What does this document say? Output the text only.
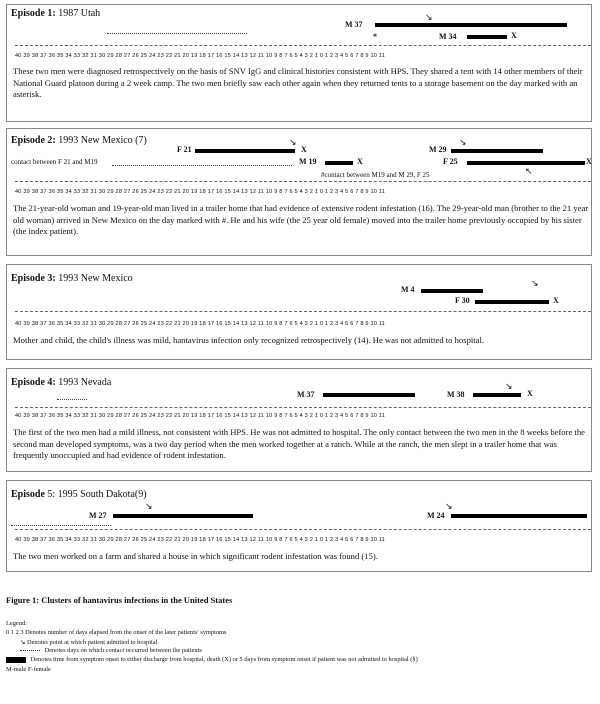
Episode 1: 1987 Utah
M 37
↘
M 34	X
*
40 39 38 37 36 35 34 33 32 31 30 29 28 27 26 25 24 23 22 21 20 19 18 17 16 15 14 13 12 11 10 9 8 7 6 5 4 3 2 1 0 1 2 3 4 5 6 7 8 9 10 11
These two men were diagnosed retrospectively on the basis of SNV IgG and clinical histories consistent with HPS. They shared a tent with 14 other members of their National Guard platoon during a 2 week camp. The two men briefly saw each other again when they returned tents to a storage basement on the day marked with an asterisk.
Episode 2: 1993 New Mexico (7)
F 21
↘
X
contact between F 21 and M19	M 19	X
M 29
↘
F 25	X
↖
#contact between M19 and M 29, F 25
40 39 38 37 36 35 34 33 32 31 30 29 28 27 26 25 24 23 22 21 20 19 18 17 16 15 14 13 12 11 10 9 8 7 6 5 4 3 2 1 0 1 2 3 4 5 6 7 8 9 10 11
The 21-year-old woman and 19-year-old man lived in a trailer home that had evidence of extensive rodent infestation (16). The 29-year-old man (brother to the 21 year old woman) arrived in New Mexico on the day marked with #. He and his wife (the 25 year old female) moved into the trailer home previously occupied by his sister (the index patient).
Episode 3: 1993 New Mexico
M 4
↘
F 30	X
40 39 38 37 36 35 34 33 32 31 30 29 28 27 26 25 24 23 22 21 20 19 18 17 16 15 14 13 12 11 10 9 8 7 6 5 4 3 2 1 0 1 2 3 4 5 6 7 8 9 10 11
Mother and child, the child's illness was mild, hantavirus infection only recognized retrospectively (14). He was not admitted to hospital.
Episode 4: 1993 Nevada
M 37
↘
M 38	X
40 39 38 37 36 35 34 33 32 31 30 29 28 27 26 25 24 23 22 21 20 19 18 17 16 15 14 13 12 11 10 9 8 7 6 5 4 3 2 1 0 1 2 3 4 5 6 7 8 9 10 11
The first of the two men had a mild illness, not consistent with HPS. He was not admitted to hospital. The only contact between the two men in the 8 weeks before the second man developed symptoms, was a two day period when the men worked together at a ranch. While at the ranch, the men slept in a trailer home that was frequently unoccupied and had evidence of rodent infestation.
Episode 5: 1995 South Dakota(9)
M 27
↘
M 24
↘
40 39 38 37 36 35 34 33 32 31 30 29 28 27 26 25 24 23 22 21 20 19 18 17 16 15 14 13 12 11 10 9 8 7 6 5 4 3 2 1 0 1 2 3 4 5 6 7 8 9 10 11
The two men worked on a farm and shared a house in which significant rodent infestation was found (15).
Figure 1: Clusters of hantavirus infections in the United States
Legend:
0 1 2 3 Denotes number of days elapsed from the onset of the later patients' symptoms
↘ Denotes point at which patient admitted to hospital
Denotes days on which contact occurred between the patients
Denotes time from symptom onset to either discharge from hospital, death (X) or 5 days from symptom onset if patient was not admitted to hospital (§)
M-male F-female
